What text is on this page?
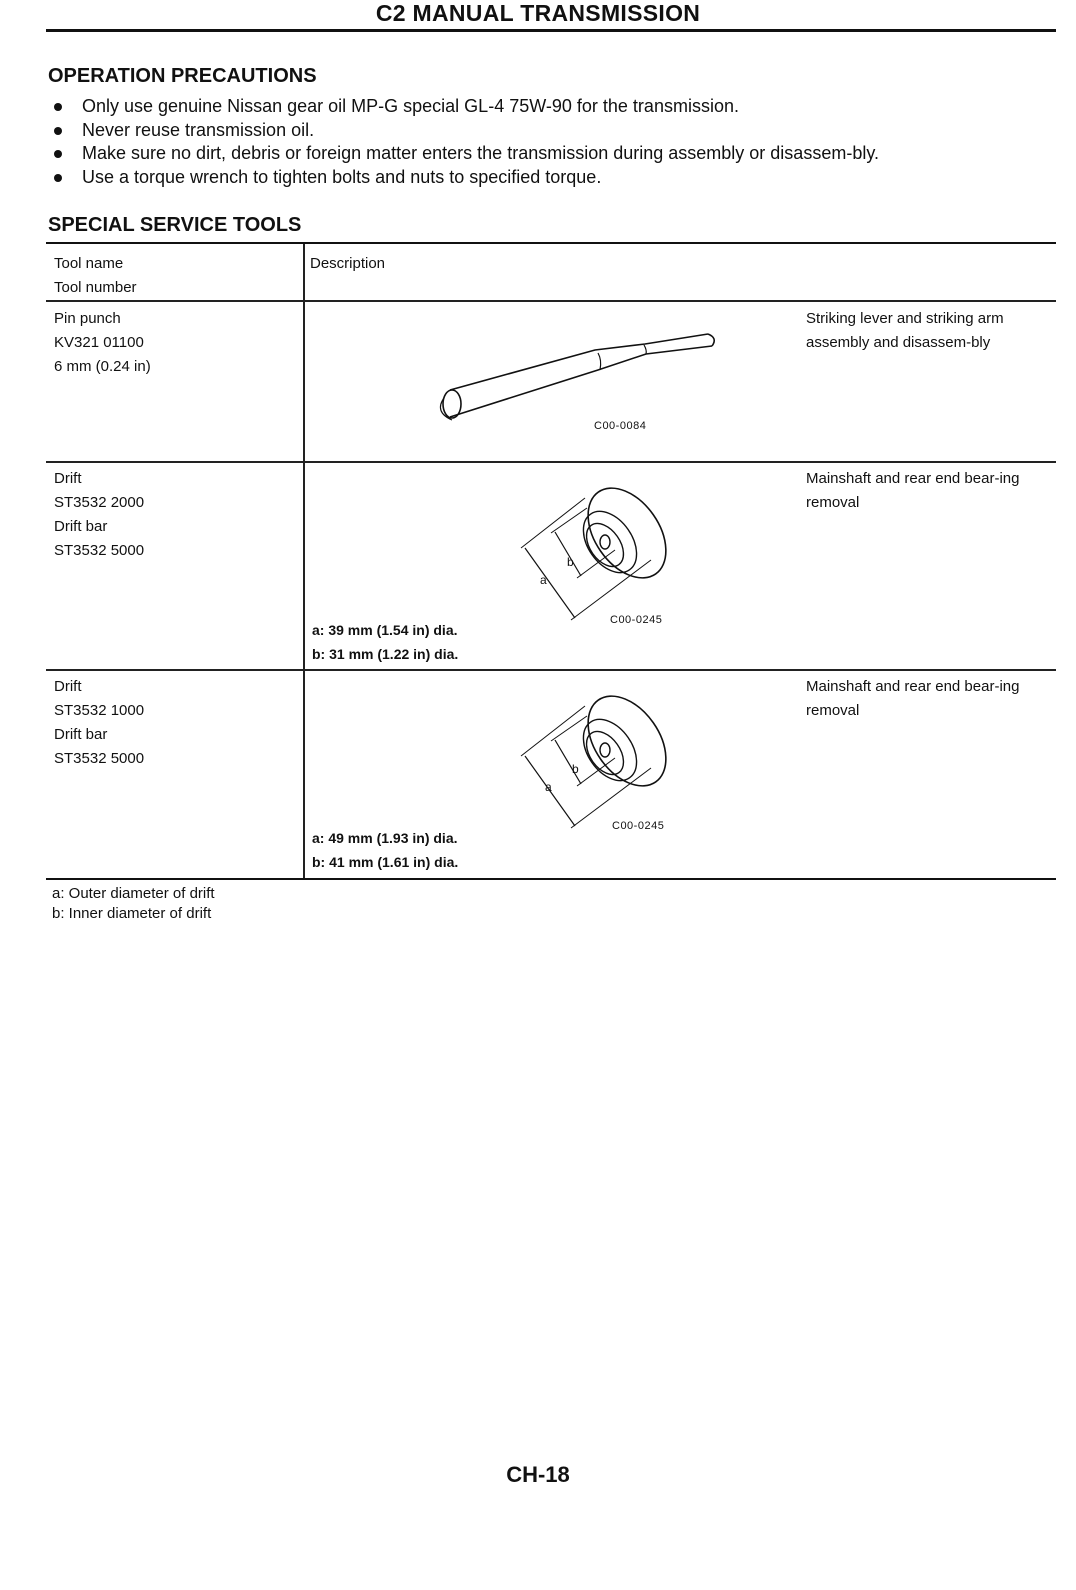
C2 MANUAL TRANSMISSION
OPERATION PRECAUTIONS
Only use genuine Nissan gear oil MP-G special GL-4 75W-90 for the transmission.
Never reuse transmission oil.
Make sure no dirt, debris or foreign matter enters the transmission during assembly or disassem-bly.
Use a torque wrench to tighten bolts and nuts to specified torque.
SPECIAL SERVICE TOOLS
Tool name
Tool number
Description
Pin punch
KV321 01100
6 mm (0.24 in)
C00-0084
Striking lever and striking arm assembly and disassem-bly
Drift
ST3532 2000
Drift bar
ST3532 5000
b
a
C00-0245
a: 39 mm (1.54 in) dia.
b: 31 mm (1.22 in) dia.
Mainshaft and rear end bear-ing removal
Drift
ST3532 1000
Drift bar
ST3532 5000
b
a
C00-0245
a: 49 mm (1.93 in) dia.
b: 41 mm (1.61 in) dia.
Mainshaft and rear end bear-ing removal
a: Outer diameter of drift
b: Inner diameter of drift
CH-18
